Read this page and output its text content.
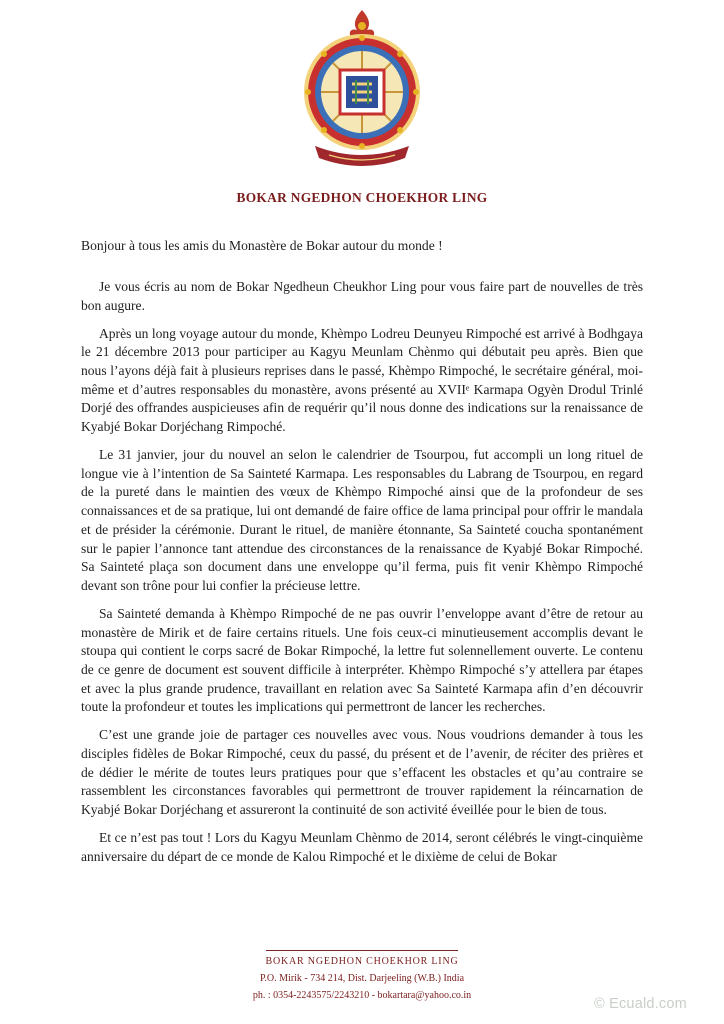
BOKAR NGEDHON CHOEKHOR LING
Bonjour à tous les amis du Monastère de Bokar autour du monde !

Je vous écris au nom de Bokar Ngedheun Cheukhor Ling pour vous faire part de nouvelles de très bon augure.

Après un long voyage autour du monde, Khèmpo Lodreu Deunyeu Rimpoché est arrivé à Bodhgaya le 21 décembre 2013 pour participer au Kagyu Meunlam Chènmo qui débutait peu après. Bien que nous l’ayons déjà fait à plusieurs reprises dans le passé, Khèmpo Rimpoché, le secrétaire général, moi-même et d’autres responsables du monastère, avons présenté au XVIIᵉ Karmapa Ogyèn Drodul Trinlé Dorjé des offrandes auspicieuses afin de requérir qu’il nous donne des indications sur la renaissance de Kyabjé Bokar Dorjéchang Rimpoché.

Le 31 janvier, jour du nouvel an selon le calendrier de Tsourpou, fut accompli un long rituel de longue vie à l’intention de Sa Sainteté Karmapa. Les responsables du Labrang de Tsourpou, en regard de la pureté dans le maintien des vœux de Khèmpo Rimpoché ainsi que de la profondeur de ses connaissances et de sa pratique, lui ont demandé de faire office de lama principal pour offrir le mandala et de présider la cérémonie. Durant le rituel, de manière étonnante, Sa Sainteté coucha spontanément sur le papier l’annonce tant attendue des circonstances de la renaissance de Kyabjé Bokar Rimpoché. Sa Sainteté plaça son document dans une enveloppe qu’il ferma, puis fit venir Khèmpo Rimpoché devant son trône pour lui confier la précieuse lettre.

Sa Sainteté demanda à Khèmpo Rimpoché de ne pas ouvrir l’enveloppe avant d’être de retour au monastère de Mirik et de faire certains rituels. Une fois ceux-ci minutieusement accomplis devant le stoupa qui contient le corps sacré de Bokar Rimpoché, la lettre fut solennellement ouverte. Le contenu de ce genre de document est souvent difficile à interpréter. Khèmpo Rimpoché s’y attellera par étapes et avec la plus grande prudence, travaillant en relation avec Sa Sainteté Karmapa afin d’en découvrir toute la profondeur et toutes les implications qui permettront de lancer les recherches.

C’est une grande joie de partager ces nouvelles avec vous. Nous voudrions demander à tous les disciples fidèles de Bokar Rimpoché, ceux du passé, du présent et de l’avenir, de réciter des prières et de dédier le mérite de toutes leurs pratiques pour que s’effacent les obstacles et qu’au contraire se rassemblent les circonstances favorables qui permettront de trouver rapidement la réincarnation de Kyabjé Bokar Dorjéchang et assureront la continuité de son activité éveillée pour le bien de tous.

Et ce n’est pas tout ! Lors du Kagyu Meunlam Chènmo de 2014, seront célébrés le vingt-cinquième anniversaire du départ de ce monde de Kalou Rimpoché et le dixième de celui de Bokar

BOKAR NGEDHON CHOEKHOR LING
P.O. Mirik - 734 214, Dist. Darjeeling (W.B.) India
ph. : 0354-2243575/2243210 - bokartara@yahoo.co.in
© Ecuald.com
